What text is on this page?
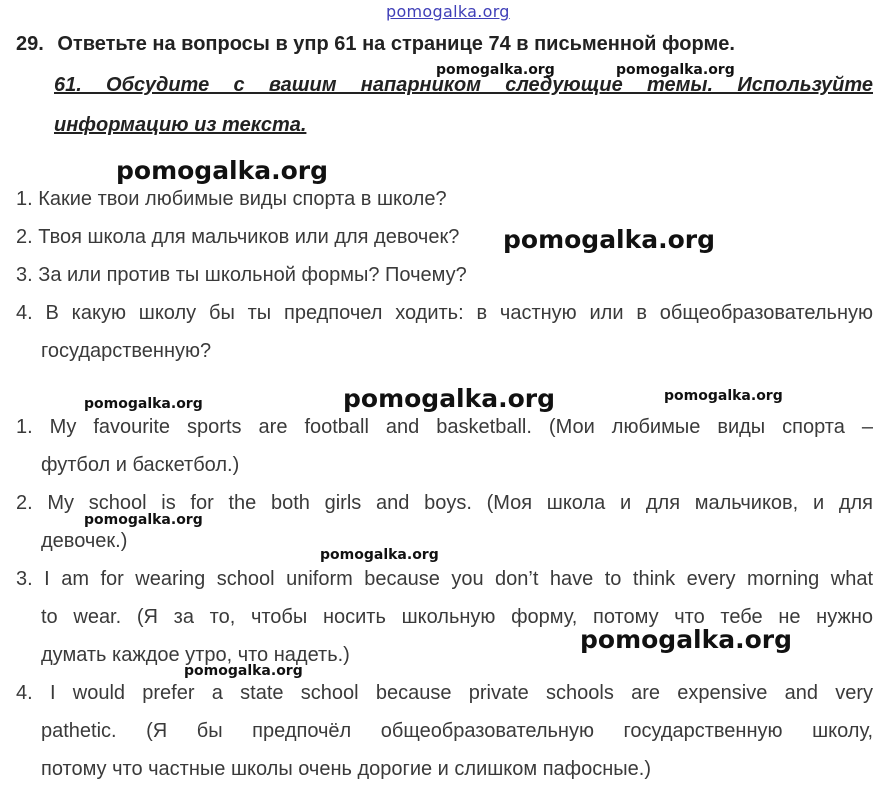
pomogalka.org
29. Ответьте на вопросы в упр 61 на странице 74 в письменной форме.
61. Обсудите с вашим напарником следующие темы. Используйте
информацию из текста.
pomogalka.org	pomogalka.org
pomogalka.org
1. Какие твои любимые виды спорта в школе?
2. Твоя школа для мальчиков или для девочек?	pomogalka.org
3. За или против ты школьной формы? Почему?
4. В какую школу бы ты предпочел ходить: в частную или в общеобразовательную
государственную?
pomogalka.org	pomogalka.org	pomogalka.org
1. My favourite sports are football and basketball. (Мои любимые виды спорта –
футбол и баскетбол.)
2. My school is for the both girls and boys. (Моя школа и для мальчиков, и для
pomogalka.org
девочек.)
pomogalka.org
3. I am for wearing school uniform because you don’t have to think every morning what
to wear. (Я за то, чтобы носить школьную форму, потому что тебе не нужно
pomogalka.org
думать каждое утро, что надеть.)
pomogalka.org
4. I would prefer a state school because private schools are expensive and very
pathetic. (Я бы предпочёл общеобразовательную государственную школу,
потому что частные школы очень дорогие и слишком пафосные.)
